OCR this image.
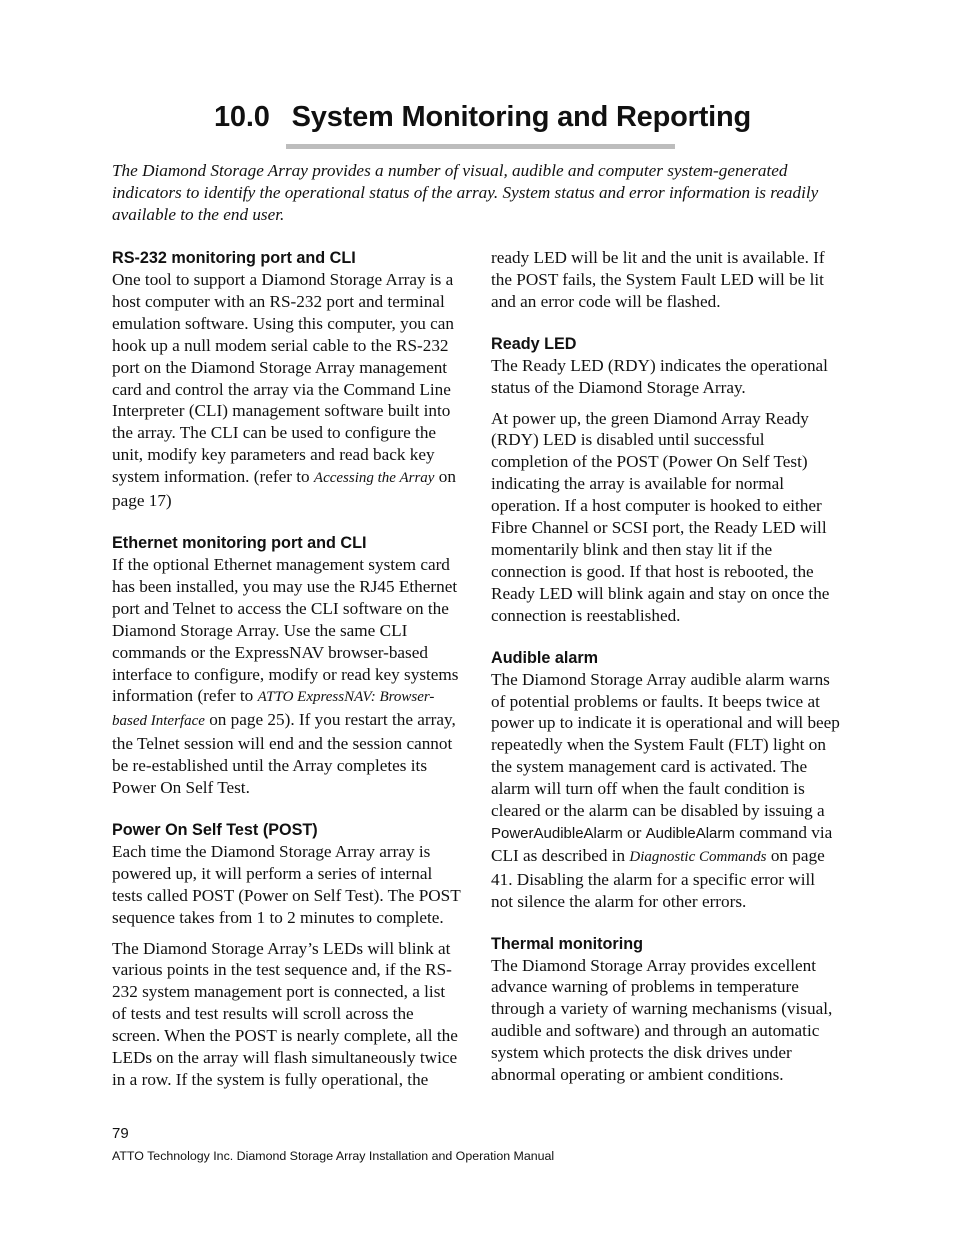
10.0 System Monitoring and Reporting

The Diamond Storage Array provides a number of visual, audible and computer system-generated indicators to identify the operational status of the array. System status and error information is readily available to the end user.

RS-232 monitoring port and CLI

One tool to support a Diamond Storage Array is a host computer with an RS-232 port and terminal emulation software. Using this computer, you can hook up a null modem serial cable to the RS-232 port on the Diamond Storage Array management card and control the array via the Command Line Interpreter (CLI) management software built into the array. The CLI can be used to configure the unit, modify key parameters and read back key system information. (refer to Accessing the Array on page 17)

Ethernet monitoring port and CLI

If the optional Ethernet management system card has been installed, you may use the RJ45 Ethernet port and Telnet to access the CLI software on the Diamond Storage Array. Use the same CLI commands or the ExpressNAV browser-based interface to configure, modify or read key systems information (refer to ATTO ExpressNAV: Browser-based Interface on page 25). If you restart the array, the Telnet session will end and the session cannot be re-established until the Array completes its Power On Self Test.

Power On Self Test (POST)

Each time the Diamond Storage Array array is powered up, it will perform a series of internal tests called POST (Power on Self Test). The POST sequence takes from 1 to 2 minutes to complete.

The Diamond Storage Array’s LEDs will blink at various points in the test sequence and, if the RS-232 system management port is connected, a list of tests and test results will scroll across the screen. When the POST is nearly complete, all the LEDs on the array will flash simultaneously twice in a row. If the system is fully operational, the

ready LED will be lit and the unit is available. If the POST fails, the System Fault LED will be lit and an error code will be flashed.

Ready LED

The Ready LED (RDY) indicates the operational status of the Diamond Storage Array.

At power up, the green Diamond Array Ready (RDY) LED is disabled until successful completion of the POST (Power On Self Test) indicating the array is available for normal operation. If a host computer is hooked to either Fibre Channel or SCSI port, the Ready LED will momentarily blink and then stay lit if the connection is good. If that host is rebooted, the Ready LED will blink again and stay on once the connection is reestablished.

Audible alarm

The Diamond Storage Array audible alarm warns of potential problems or faults. It beeps twice at power up to indicate it is operational and will beep repeatedly when the System Fault (FLT) light on the system management card is activated. The alarm will turn off when the fault condition is cleared or the alarm can be disabled by issuing a PowerAudibleAlarm or AudibleAlarm command via CLI as described in Diagnostic Commands on page 41. Disabling the alarm for a specific error will not silence the alarm for other errors.

Thermal monitoring

The Diamond Storage Array provides excellent advance warning of problems in temperature through a variety of warning mechanisms (visual, audible and software) and through an automatic system which protects the disk drives under abnormal operating or ambient conditions.

79
ATTO Technology Inc. Diamond Storage Array Installation and Operation Manual
